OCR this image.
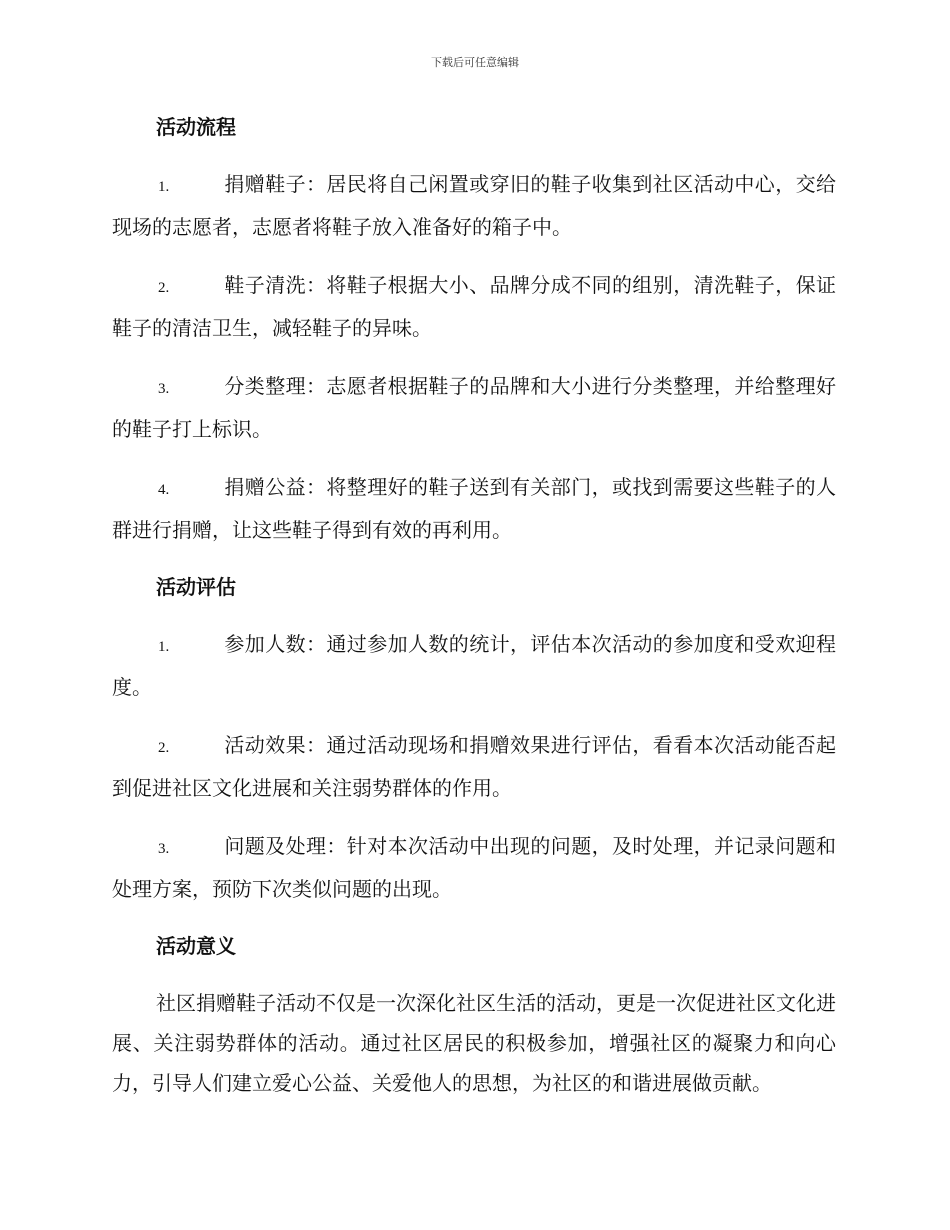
下载后可任意编辑
活动流程

1.	捐赠鞋子：居民将自己闲置或穿旧的鞋子收集到社区活动中心，交给现场的志愿者，志愿者将鞋子放入准备好的箱子中。

2.	鞋子清洗：将鞋子根据大小、品牌分成不同的组别，清洗鞋子，保证鞋子的清洁卫生，减轻鞋子的异味。

3.	分类整理：志愿者根据鞋子的品牌和大小进行分类整理，并给整理好的鞋子打上标识。

4.	捐赠公益：将整理好的鞋子送到有关部门，或找到需要这些鞋子的人群进行捐赠，让这些鞋子得到有效的再利用。

活动评估

1.	参加人数：通过参加人数的统计，评估本次活动的参加度和受欢迎程度。

2.	活动效果：通过活动现场和捐赠效果进行评估，看看本次活动能否起到促进社区文化进展和关注弱势群体的作用。

3.	问题及处理：针对本次活动中出现的问题，及时处理，并记录问题和处理方案，预防下次类似问题的出现。

活动意义

社区捐赠鞋子活动不仅是一次深化社区生活的活动，更是一次促进社区文化进展、关注弱势群体的活动。通过社区居民的积极参加，增强社区的凝聚力和向心力，引导人们建立爱心公益、关爱他人的思想，为社区的和谐进展做贡献。
